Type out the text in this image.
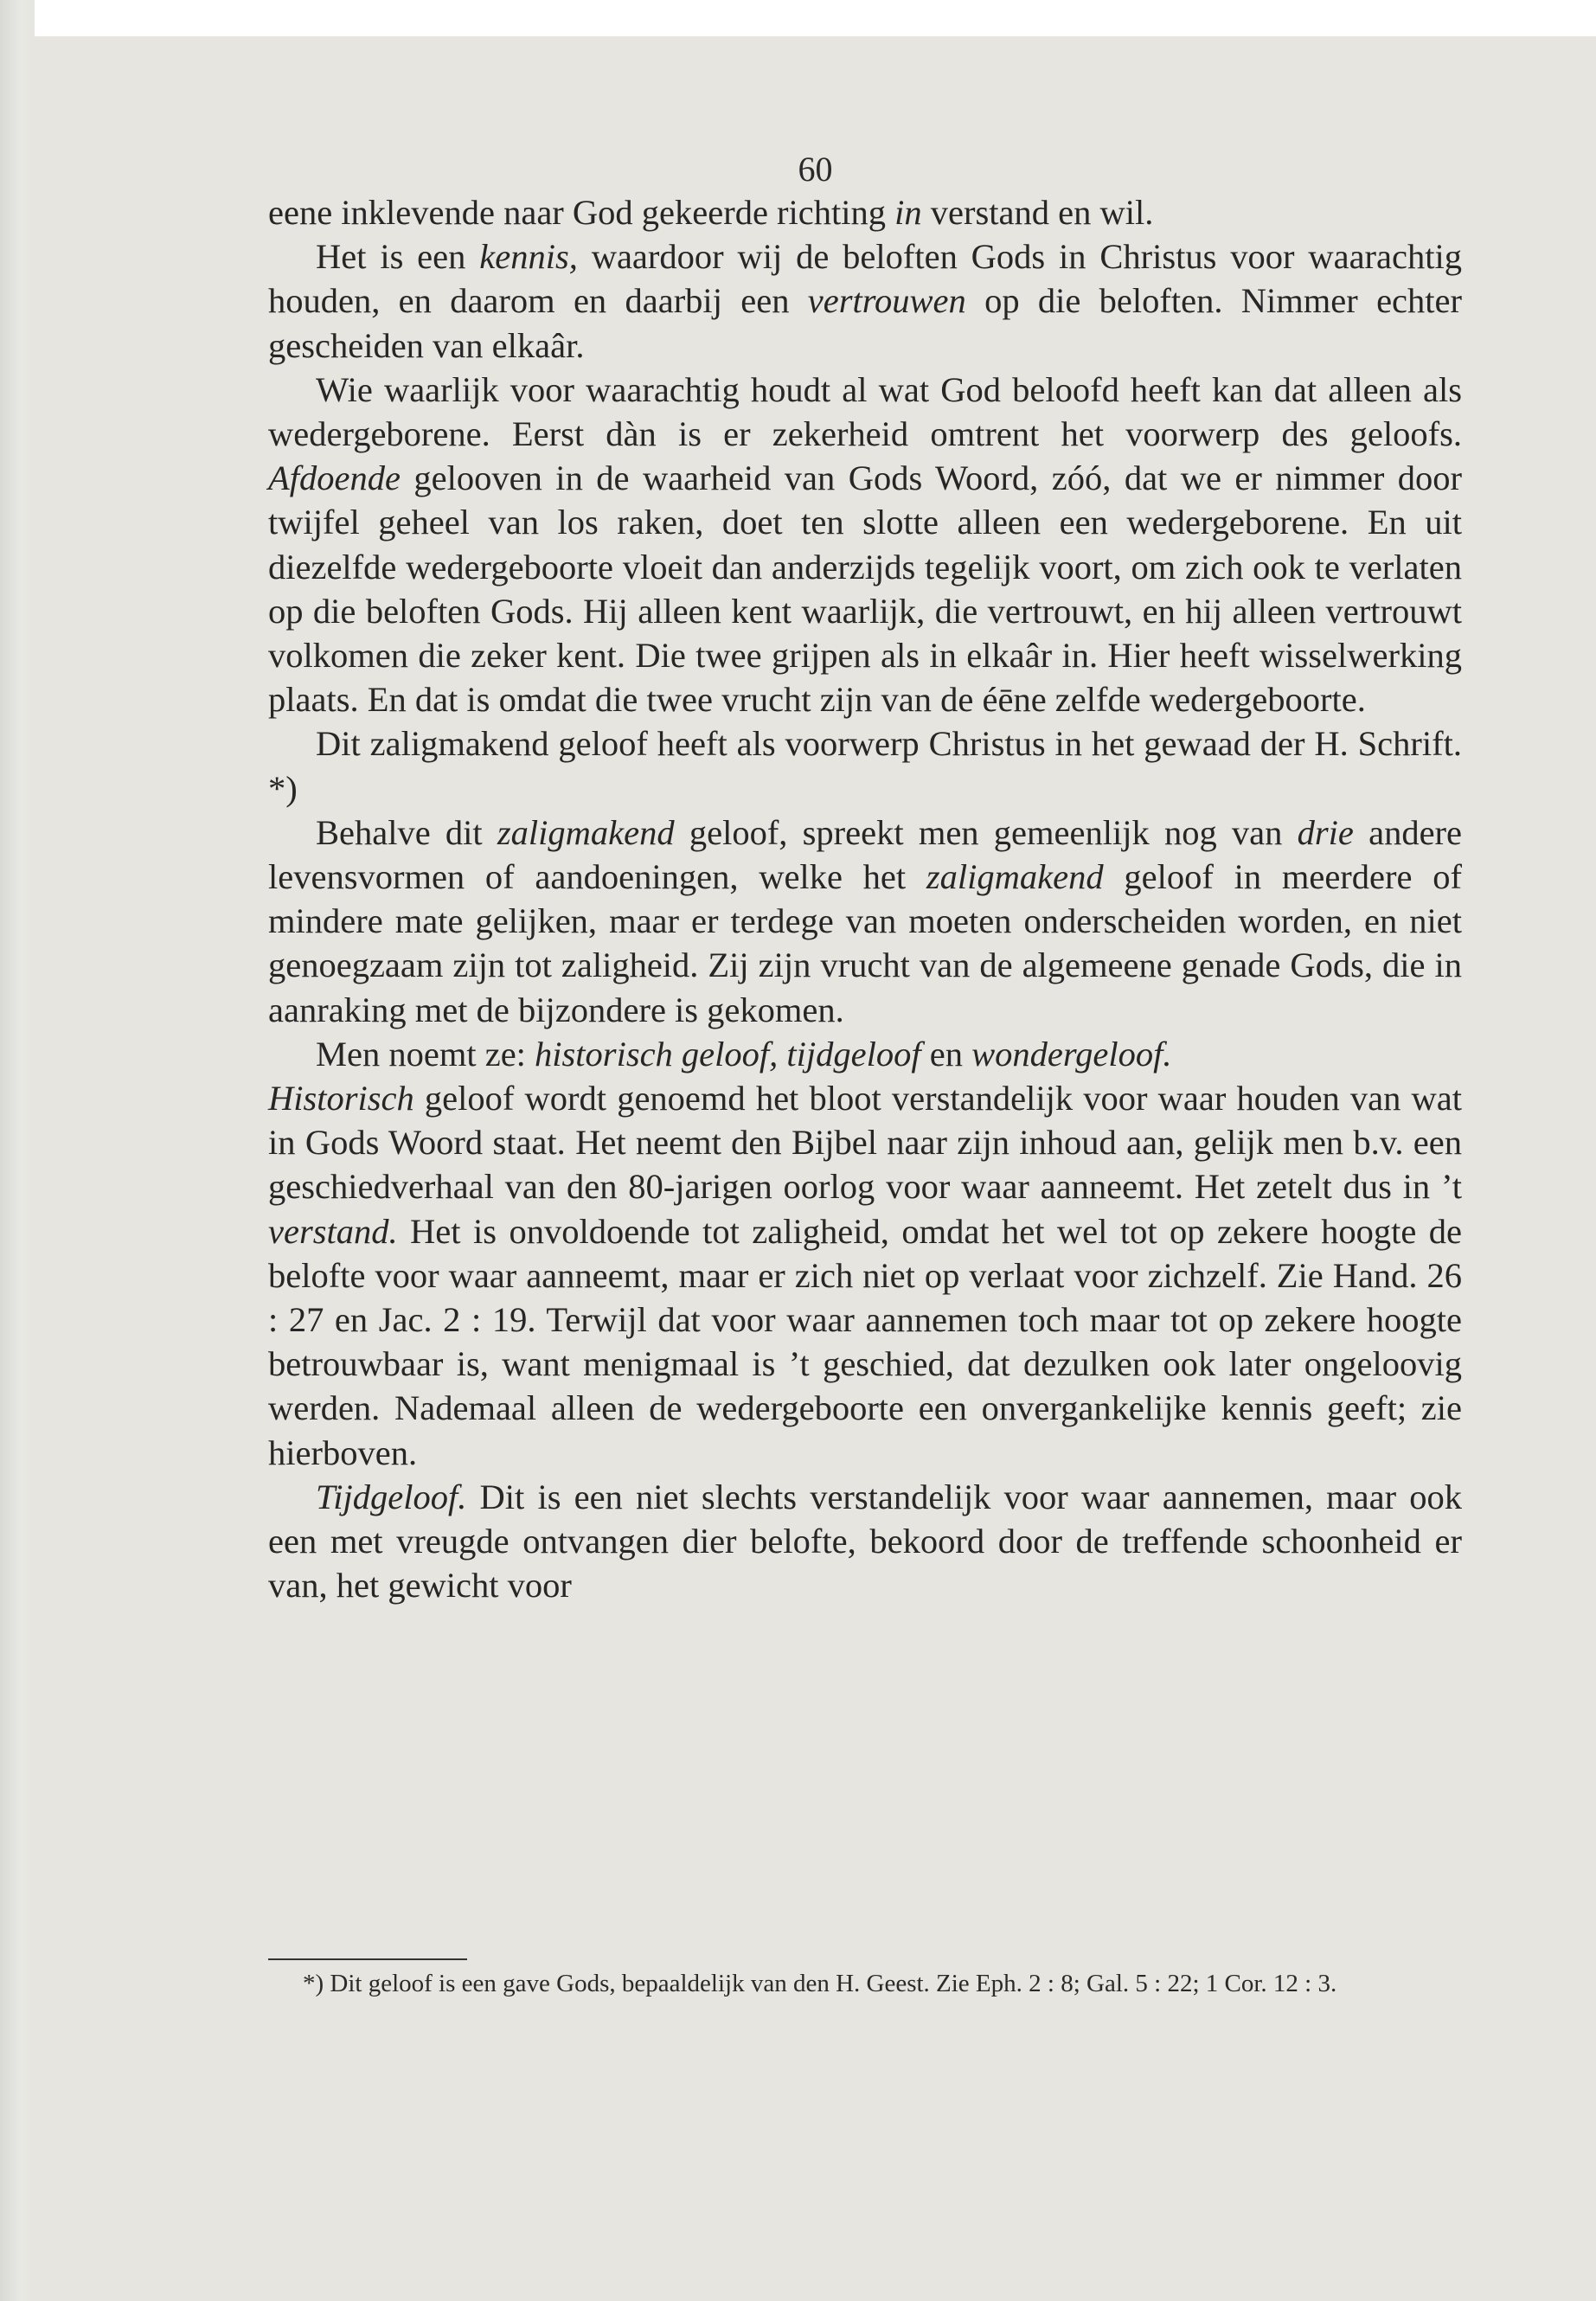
60

eene inklevende naar God gekeerde richting in verstand en wil.

Het is een kennis, waardoor wij de beloften Gods in Christus voor waarachtig houden, en daarom en daarbij een vertrouwen op die beloften. Nimmer echter gescheiden van elkaâr.

Wie waarlijk voor waarachtig houdt al wat God beloofd heeft kan dat alleen als wedergeborene. Eerst dàn is er zekerheid omtrent het voorwerp des geloofs. Afdoende gelooven in de waarheid van Gods Woord, zóó, dat we er nimmer door twijfel geheel van los raken, doet ten slotte alleen een wedergeborene. En uit diezelfde wedergeboorte vloeit dan anderzijds tegelijk voort, om zich ook te verlaten op die beloften Gods. Hij alleen kent waarlijk, die vertrouwt, en hij alleen vertrouwt volkomen die zeker kent. Die twee grijpen als in elkaâr in. Hier heeft wisselwerking plaats. En dat is omdat die twee vrucht zijn van de éēne zelfde wedergeboorte.

Dit zaligmakend geloof heeft als voorwerp Christus in het gewaad der H. Schrift. *)

Behalve dit zaligmakend geloof, spreekt men gemeenlijk nog van drie andere levensvormen of aandoeningen, welke het zaligmakend geloof in meerdere of mindere mate gelijken, maar er terdege van moeten onderscheiden worden, en niet genoegzaam zijn tot zaligheid. Zij zijn vrucht van de algemeene genade Gods, die in aanraking met de bijzondere is gekomen.

Men noemt ze: historisch geloof, tijdgeloof en wondergeloof.

Historisch geloof wordt genoemd het bloot verstandelijk voor waar houden van wat in Gods Woord staat. Het neemt den Bijbel naar zijn inhoud aan, gelijk men b.v. een geschiedverhaal van den 80-jarigen oorlog voor waar aanneemt. Het zetelt dus in ’t verstand. Het is onvoldoende tot zaligheid, omdat het wel tot op zekere hoogte de belofte voor waar aanneemt, maar er zich niet op verlaat voor zichzelf. Zie Hand. 26 : 27 en Jac. 2 : 19. Terwijl dat voor waar aannemen toch maar tot op zekere hoogte betrouwbaar is, want menigmaal is ’t geschied, dat dezulken ook later ongeloovig werden. Nademaal alleen de wedergeboorte een onvergankelijke kennis geeft; zie hierboven.

Tijdgeloof. Dit is een niet slechts verstandelijk voor waar aannemen, maar ook een met vreugde ontvangen dier belofte, bekoord door de treffende schoonheid er van, het gewicht voor

*) Dit geloof is een gave Gods, bepaaldelijk van den H. Geest. Zie Eph. 2 : 8; Gal. 5 : 22; 1 Cor. 12 : 3.
